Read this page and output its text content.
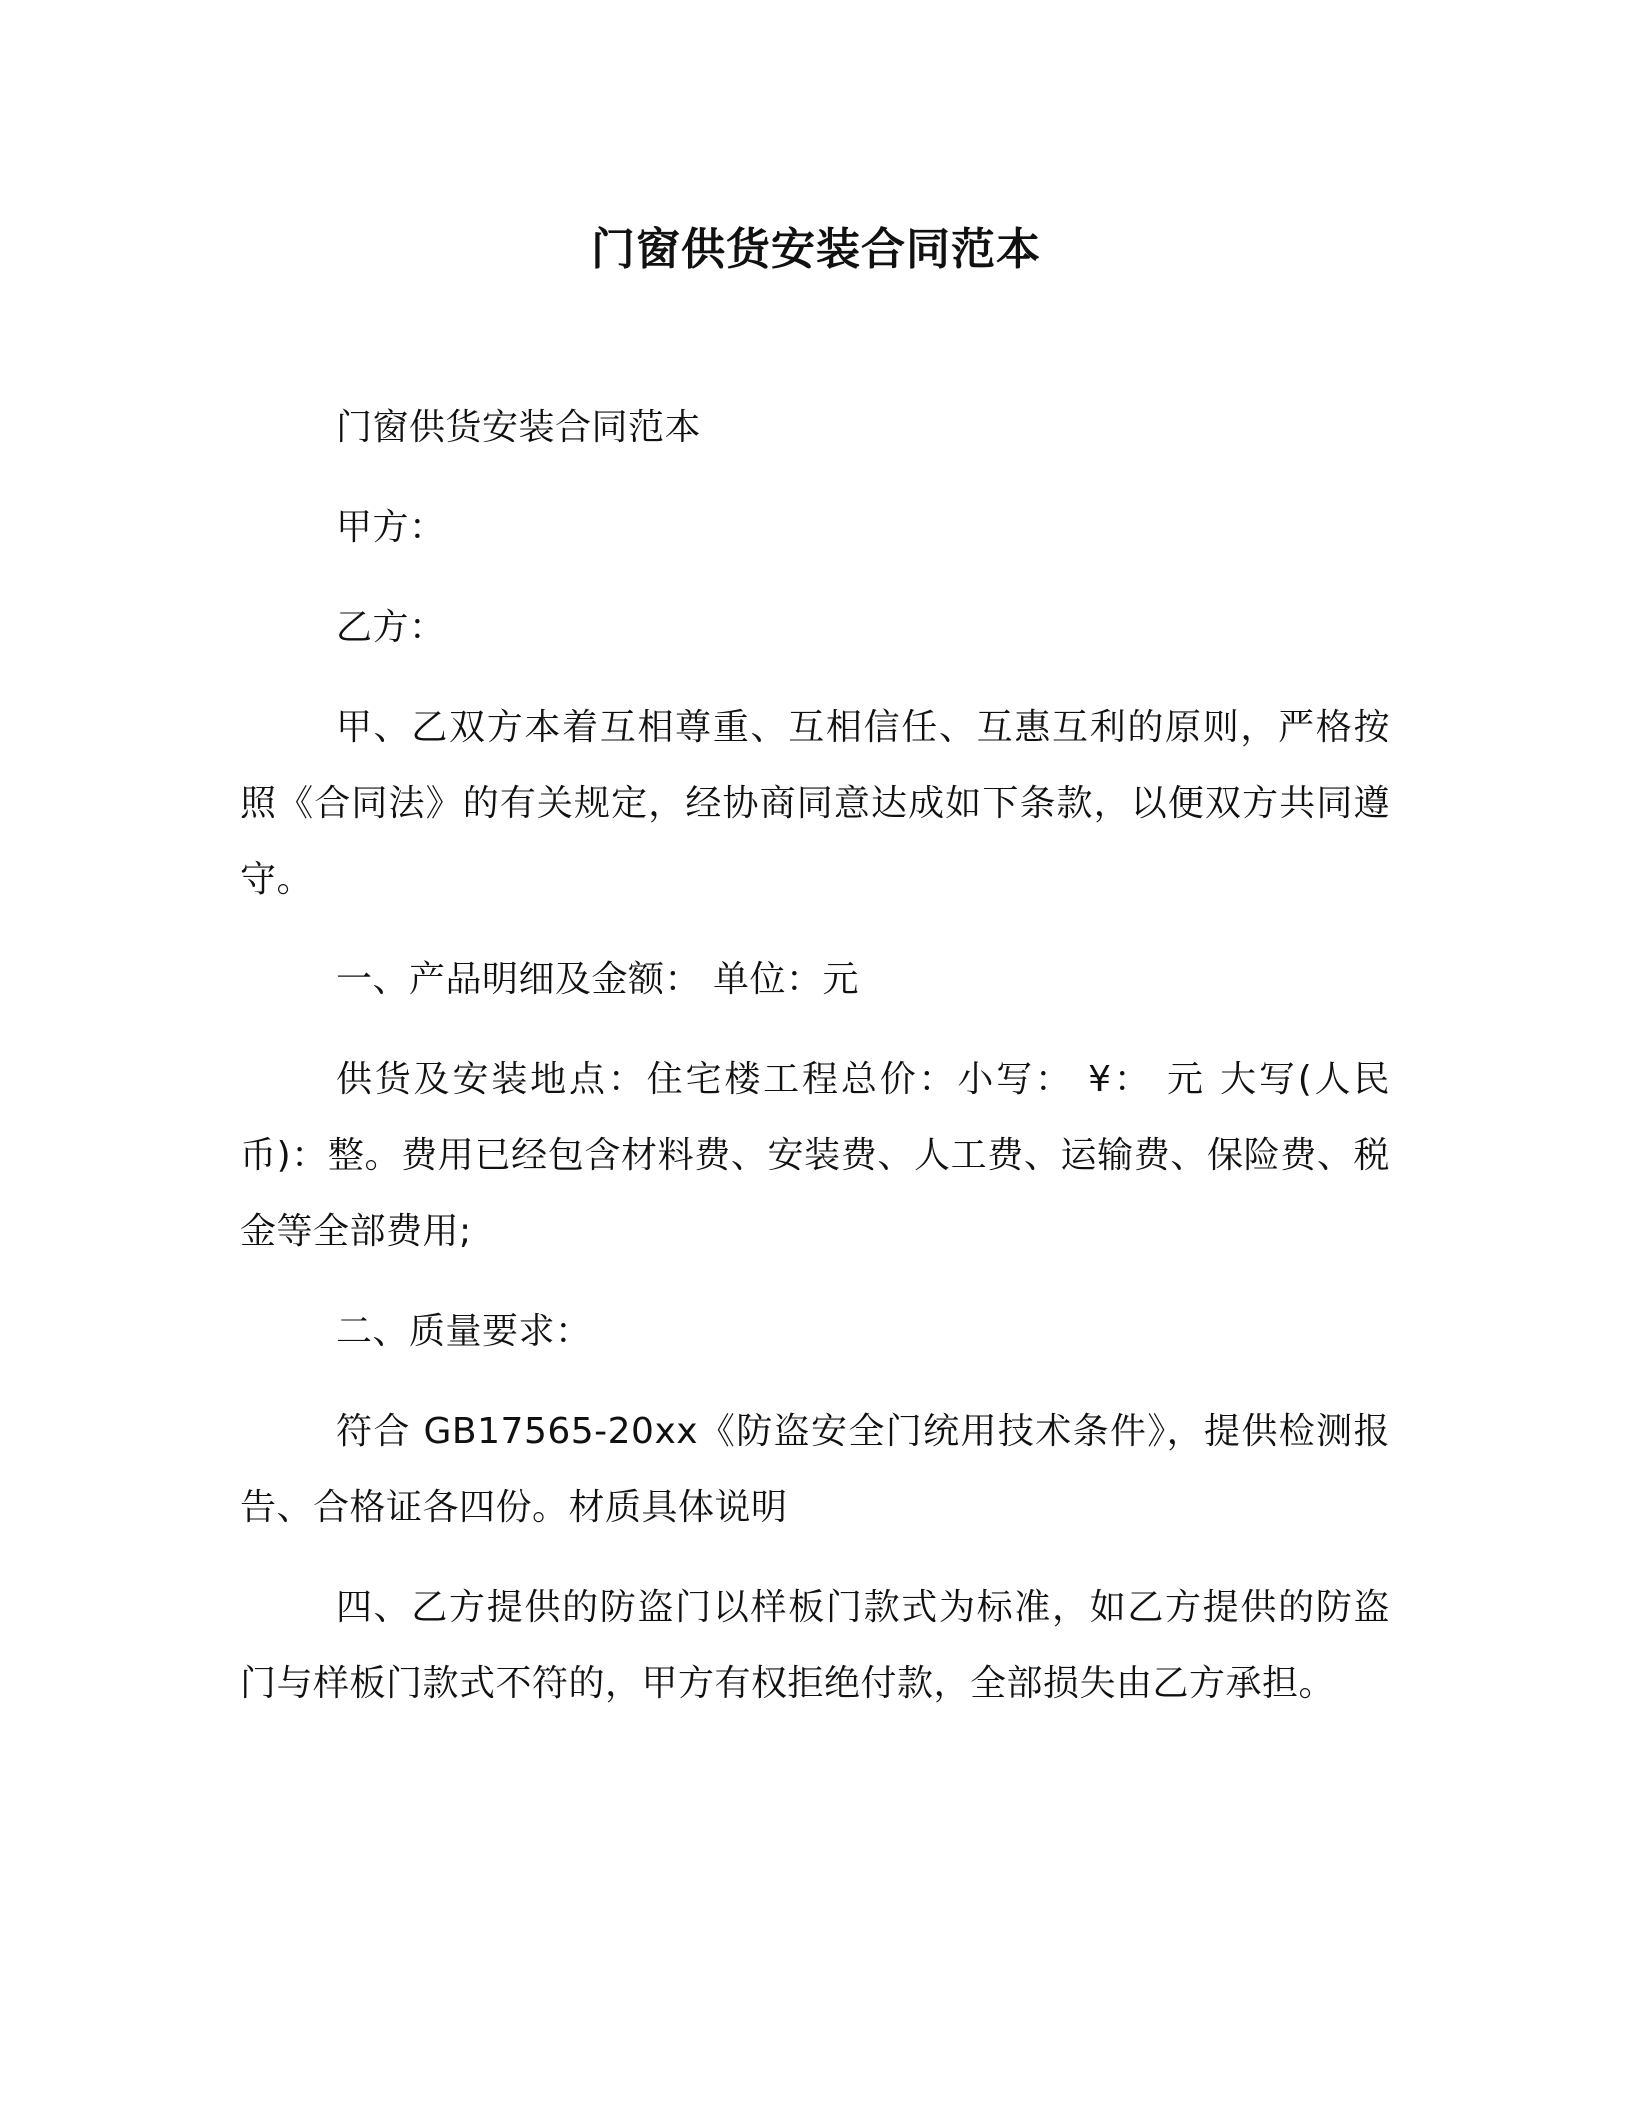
门窗供货安装合同范本

门窗供货安装合同范本

甲方：

乙方：

甲、乙双方本着互相尊重、互相信任、互惠互利的原则，严格按照《合同法》的有关规定，经协商同意达成如下条款，以便双方共同遵守。

一、产品明细及金额： 单位：元

供货及安装地点：住宅楼工程总价：小写： ¥： 元 大写(人民币)：整。费用已经包含材料费、安装费、人工费、运输费、保险费、税金等全部费用;

二、质量要求：

符合 GB17565-20xx《防盗安全门统用技术条件》，提供检测报告、合格证各四份。材质具体说明

四、乙方提供的防盗门以样板门款式为标准，如乙方提供的防盗门与样板门款式不符的，甲方有权拒绝付款，全部损失由乙方承担。
